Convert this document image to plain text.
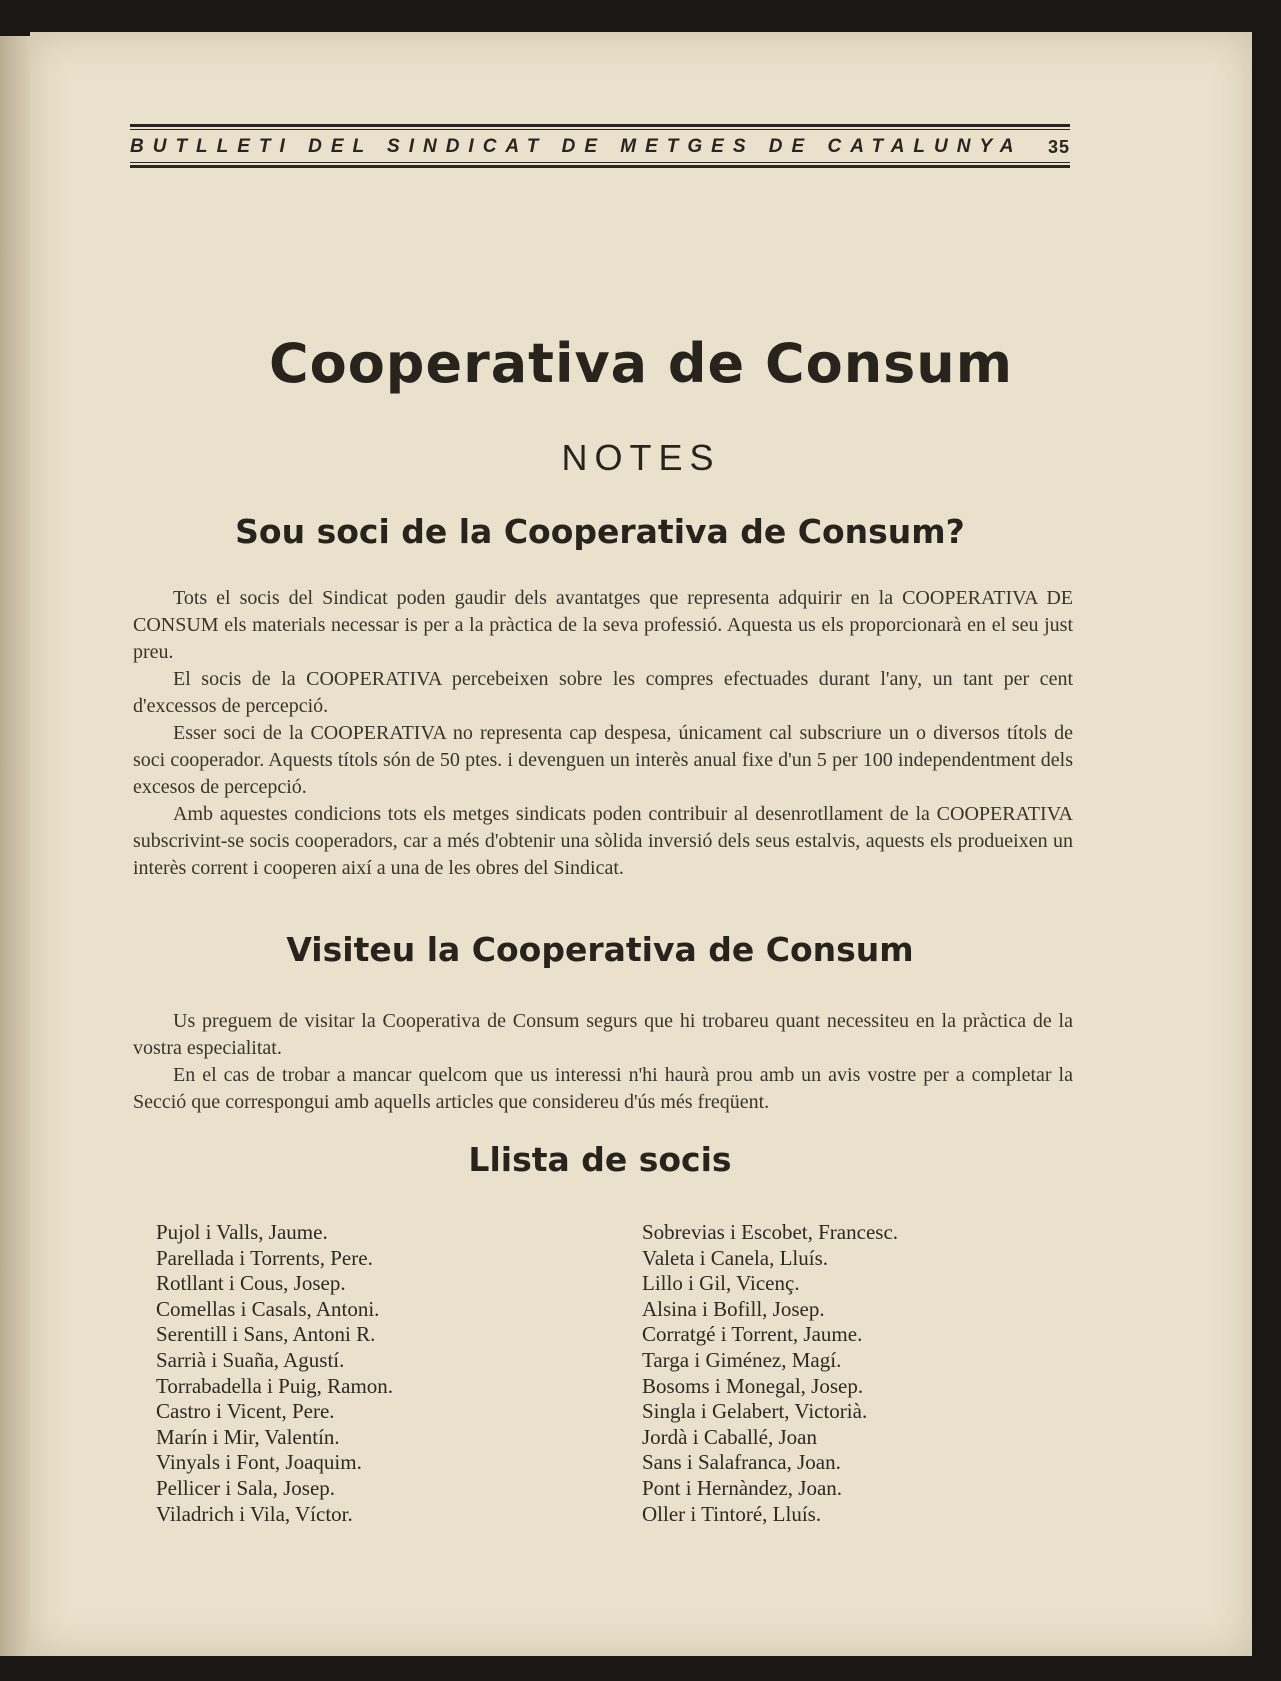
BUTLLETI DEL SINDICAT DE METGES DE CATALUNYA 35
Cooperativa de Consum
NOTES
Sou soci de la Cooperativa de Consum?

Tots el socis del Sindicat poden gaudir dels avantatges que representa adquirir en la COOPERATIVA DE CONSUM els materials necessar is per a la pràctica de la seva professió. Aquesta us els proporcionarà en el seu just preu.

El socis de la COOPERATIVA percebeixen sobre les compres efectuades durant l'any, un tant per cent d'excessos de percepció.

Esser soci de la COOPERATIVA no representa cap despesa, únicament cal subscriure un o diversos títols de soci cooperador. Aquests títols són de 50 ptes. i devenguen un interès anual fixe d'un 5 per 100 independentment dels excesos de percepció.

Amb aquestes condicions tots els metges sindicats poden contribuir al desenrotllament de la COOPERATIVA subscrivint-se socis cooperadors, car a més d'obtenir una sòlida inversió dels seus estalvis, aquests els produeixen un interès corrent i cooperen així a una de les obres del Sindicat.

Visiteu la Cooperativa de Consum

Us preguem de visitar la Cooperativa de Consum segurs que hi trobareu quant necessiteu en la pràctica de la vostra especialitat.

En el cas de trobar a mancar quelcom que us interessi n'hi haurà prou amb un avis vostre per a completar la Secció que correspongui amb aquells articles que considereu d'ús més freqüent.

Llista de socis
Pujol i Valls, Jaume.
Parellada i Torrents, Pere.
Rotllant i Cous, Josep.
Comellas i Casals, Antoni.
Serentill i Sans, Antoni R.
Sarrià i Suaña, Agustí.
Torrabadella i Puig, Ramon.
Castro i Vicent, Pere.
Marín i Mir, Valentín.
Vinyals i Font, Joaquim.
Pellicer i Sala, Josep.
Viladrich i Vila, Víctor.
Sobrevias i Escobet, Francesc.
Valeta i Canela, Lluís.
Lillo i Gil, Vicenç.
Alsina i Bofill, Josep.
Corratgé i Torrent, Jaume.
Targa i Giménez, Magí.
Bosoms i Monegal, Josep.
Singla i Gelabert, Victorià.
Jordà i Caballé, Joan
Sans i Salafranca, Joan.
Pont i Hernàndez, Joan.
Oller i Tintoré, Lluís.
